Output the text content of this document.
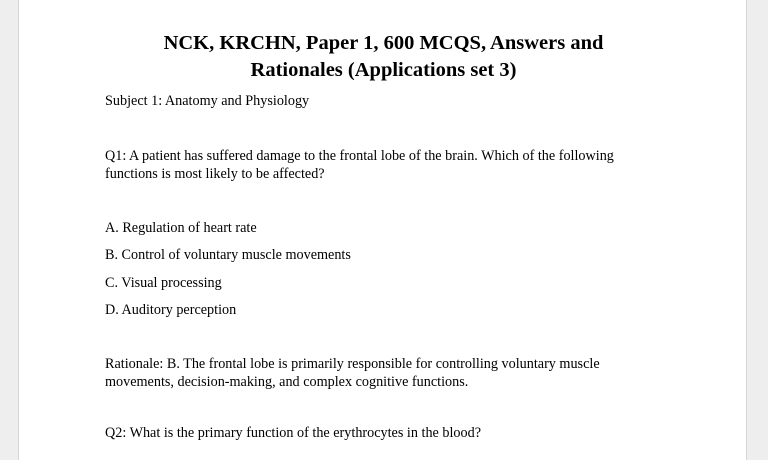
NCK, KRCHN, Paper 1, 600 MCQS, Answers and
Rationales (Applications set 3)

Subject 1: Anatomy and Physiology

Q1: A patient has suffered damage to the frontal lobe of the brain. Which of the following functions is most likely to be affected?

A. Regulation of heart rate

B. Control of voluntary muscle movements

C. Visual processing

D. Auditory perception

Rationale: B. The frontal lobe is primarily responsible for controlling voluntary muscle movements, decision-making, and complex cognitive functions.

Q2: What is the primary function of the erythrocytes in the blood?
